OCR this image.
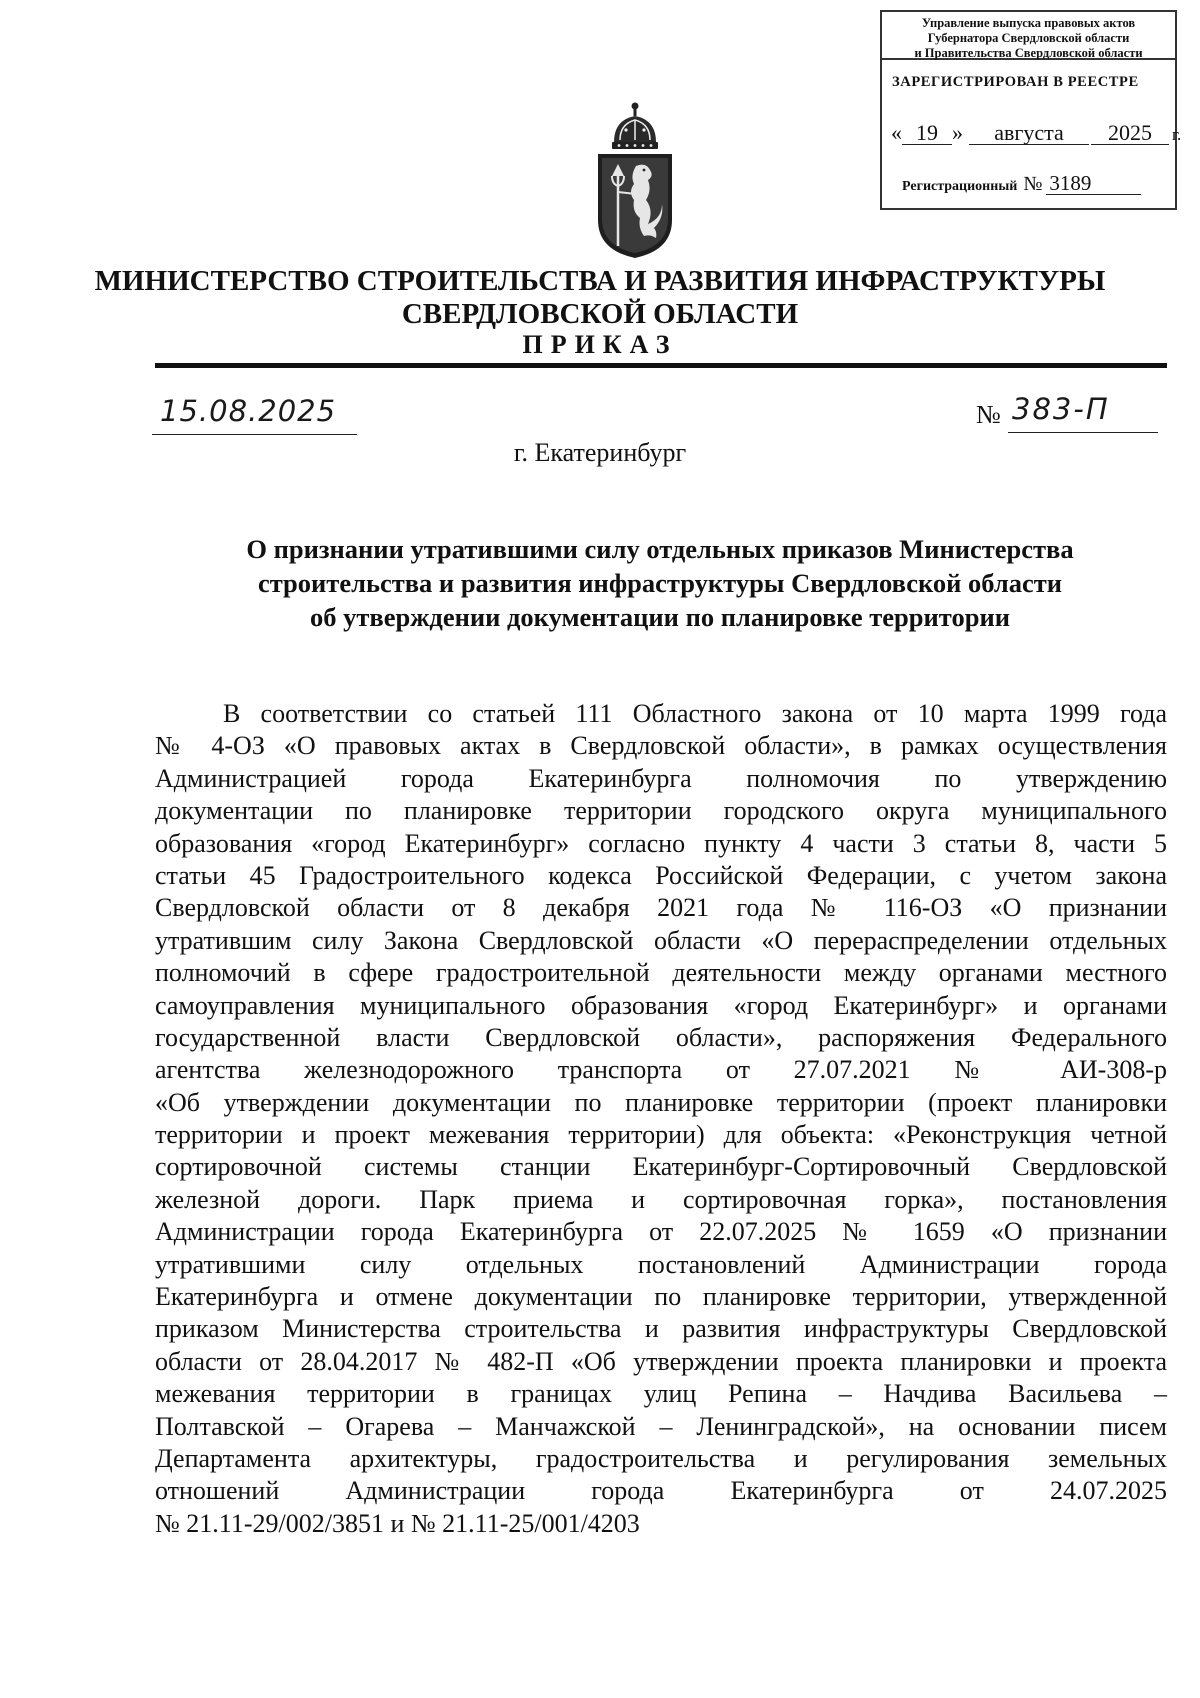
Управление выпуска правовых актов
Губернатора Свердловской области
и Правительства Свердловской области
ЗАРЕГИСТРИРОВАН В РЕЕСТРЕ
« 19 » августа 2025 г.
Регистрационный № 3189
МИНИСТЕРСТВО СТРОИТЕЛЬСТВА И РАЗВИТИЯ ИНФРАСТРУКТУРЫ
СВЕРДЛОВСКОЙ ОБЛАСТИ
ПРИКАЗ
15.08.2025	№ 383-П
г. Екатеринбург
О признании утратившими силу отдельных приказов Министерства
строительства и развития инфраструктуры Свердловской области
об утверждении документации по планировке территории
В соответствии со статьей 111 Областного закона от 10 марта 1999 года
№ 4-ОЗ «О правовых актах в Свердловской области», в рамках осуществления
Администрацией города Екатеринбурга полномочия по утверждению
документации по планировке территории городского округа муниципального
образования «город Екатеринбург» согласно пункту 4 части 3 статьи 8, части 5
статьи 45 Градостроительного кодекса Российской Федерации, с учетом закона
Свердловской области от 8 декабря 2021 года № 116-ОЗ «О признании
утратившим силу Закона Свердловской области «О перераспределении отдельных
полномочий в сфере градостроительной деятельности между органами местного
самоуправления муниципального образования «город Екатеринбург» и органами
государственной власти Свердловской области», распоряжения Федерального
агентства железнодорожного транспорта от 27.07.2021 № АИ-308-р
«Об утверждении документации по планировке территории (проект планировки
территории и проект межевания территории) для объекта: «Реконструкция четной
сортировочной системы станции Екатеринбург-Сортировочный Свердловской
железной дороги. Парк приема и сортировочная горка», постановления
Администрации города Екатеринбурга от 22.07.2025 № 1659 «О признании
утратившими силу отдельных постановлений Администрации города
Екатеринбурга и отмене документации по планировке территории, утвержденной
приказом Министерства строительства и развития инфраструктуры Свердловской
области от 28.04.2017 № 482-П «Об утверждении проекта планировки и проекта
межевания территории в границах улиц Репина – Начдива Васильева –
Полтавской – Огарева – Манчажской – Ленинградской», на основании писем
Департамента архитектуры, градостроительства и регулирования земельных
отношений Администрации города Екатеринбурга от 24.07.2025
№ 21.11-29/002/3851 и № 21.11-25/001/4203
